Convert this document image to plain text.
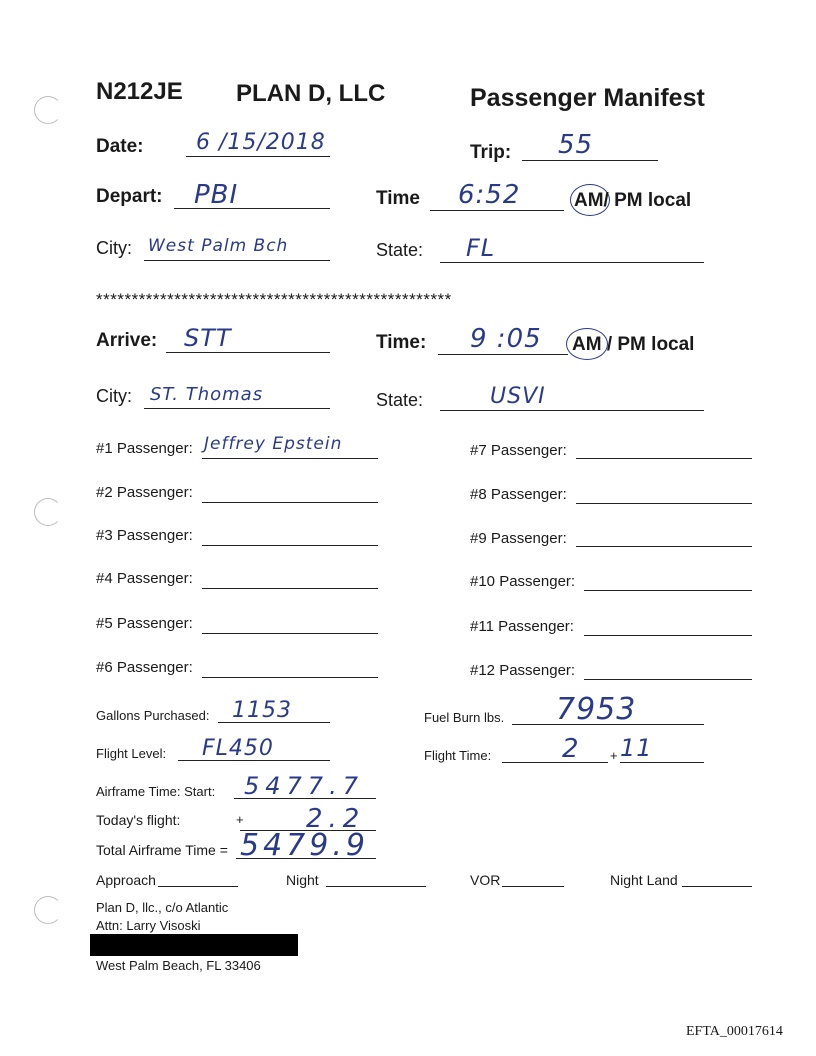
N212JE PLAN D, LLC	Passenger Manifest
Date: 6 /15/2018	Trip: 55
Depart: PBI	Time 6:52	AM/ PM local
City: West Palm Bch	State: FL
**************************************************
Arrive: STT	Time: 9 :05 AM / PM local
City: ST. Thomas	State:	USVI
#1 Passenger: Jeffrey Epstein
#2 Passenger:
#3 Passenger:
#4 Passenger:
#5 Passenger:
#6 Passenger:
#7 Passenger:
#8 Passenger:
#9 Passenger:
#10 Passenger:
#11 Passenger:
#12 Passenger:
Gallons Purchased: 1153	Fuel Burn lbs. 7953
Flight Level: FL450	Flight Time:	2 + 11
Airframe Time: Start: 5477.7
Today's flight:	+ 2.2
Total Airframe Time = 5479.9
Approach	Night	VOR	Night Land
Plan D, llc., c/o Atlantic
Attn: Larry Visoski
West Palm Beach, FL 33406
EFTA_00017614
